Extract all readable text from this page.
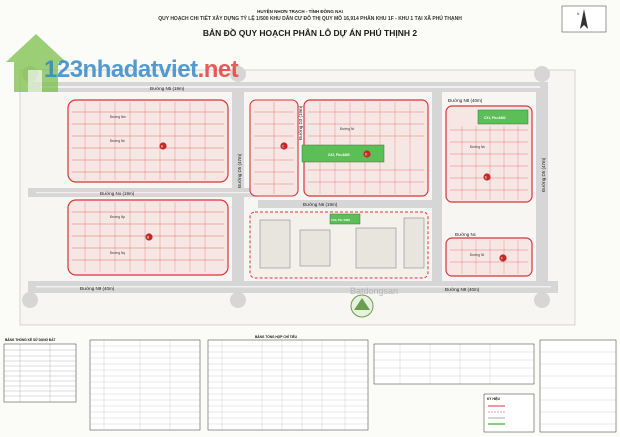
HUYỆN NHƠN TRẠCH - TỈNH ĐỒNG NAI
QUY HOẠCH CHI TIẾT XÂY DỰNG TỶ LỆ 1/500 KHU DÂN CƯ ĐÔ THỊ QUY MÔ 16,914 PHÂN KHU 1F - KHU 1 TẠI XÃ PHÚ THẠNH
BẢN ĐỒ QUY HOẠCH PHÂN LÔ DỰ ÁN PHÚ THỊNH 2
N
A
B
C
CX2, Plc=3460	D
CX1, Plc=3462
E
F
CX3, Plc=3465
Đường N5 (19m)
Đường No (19m)
Đường N9 (40m)	Đường N9 (40m)
Đường N8 (40m)
Đường N6 (19m)
Đường Nc
Đường D5 (47m)	Đường D5 (47m)
Đường D3 (19m)
Đường Nm
Đường Nn
Đường Np
Đường Nq
Đường Nr
Đường Ns
Đường Nt
BẢNG THỐNG KÊ SỬ DỤNG ĐẤT
BẢNG TỔNG HỢP CHỈ TIÊU
KÝ HIỆU
123nhadatviet.net
Batdongsan
